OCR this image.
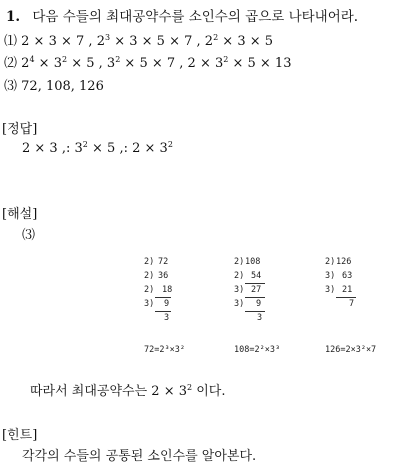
1. 다음 수들의 최대공약수를 소인수의 곱으로 나타내어라.
⑴ 2 × 3 × 7 , $2^3 \times 3 \times 5 \times 7$ , $2^2 \times 3 \times 5$
⑵ $2^4 \times 3^2 \times 5$ , $3^2 \times 5 \times 7$ , $2 \times 3^2 \times 5 \times 13$
⑶ 72, 108, 126
[정답]
2 × 3 ,: $3^2 \times 5$ ,: $2 \times 3^2$
[해설]
⑶
2) 72
2) 36
2) 18
3) 9
3
2) 108
2) 54
3) 27
3) 9
3
2) 126
3) 63
3) 21
7
72=2³×3²	108=2²×3³	126=2×3²×7
따라서 최대공약수는 $2 \times 3^2$ 이다.
[힌트]
각각의 수들의 공통된 소인수를 알아본다.
